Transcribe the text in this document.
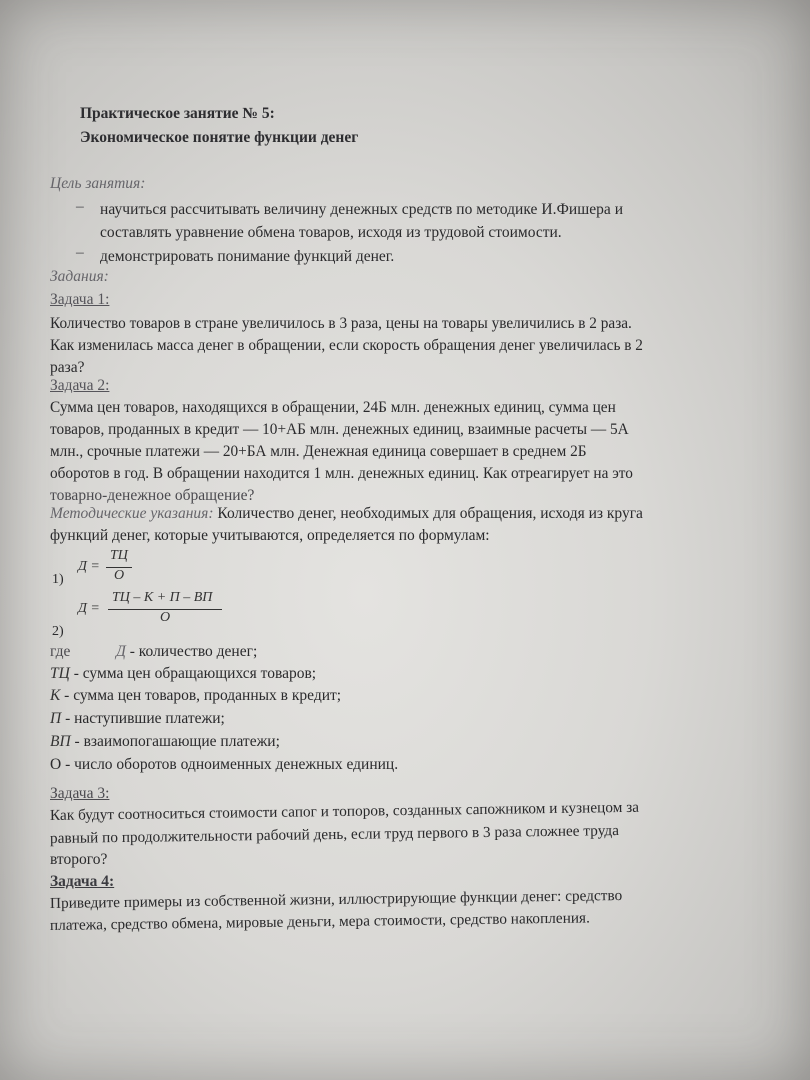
Практическое занятие № 5:
Экономическое понятие функции денег
Цель занятия:
– научиться рассчитывать величину денежных средств по методике И.Фишера и
составлять уравнение обмена товаров, исходя из трудовой стоимости.
– демонстрировать понимание функций денег.
Задания:
Задача 1:
Количество товаров в стране увеличилось в 3 раза, цены на товары увеличились в 2 раза.
Как изменилась масса денег в обращении, если скорость обращения денег увеличилась в 2
раза?
Задача 2:
Сумма цен товаров, находящихся в обращении, 24Б млн. денежных единиц, сумма цен
товаров, проданных в кредит — 10+АБ млн. денежных единиц, взаимные расчеты — 5А
млн., срочные платежи — 20+БА млн. Денежная единица совершает в среднем 2Б
оборотов в год. В обращении находится 1 млн. денежных единиц. Как отреагирует на это
товарно-денежное обращение?
Методические указания: Количество денег, необходимых для обращения, исходя из круга
функций денег, которые учитываются, определяется по формулам:
1)
Д =
ТЦ
О
2)
Д =
ТЦ – К + П – ВП
О
где	Д - количество денег;
ТЦ - сумма цен обращающихся товаров;
К - сумма цен товаров, проданных в кредит;
П - наступившие платежи;
ВП - взаимопогашающие платежи;
О - число оборотов одноименных денежных единиц.
Задача 3:
Как будут соотноситься стоимости сапог и топоров, созданных сапожником и кузнецом за
равный по продолжительности рабочий день, если труд первого в 3 раза сложнее труда
второго?
Задача 4:
Приведите примеры из собственной жизни, иллюстрирующие функции денег: средство
платежа, средство обмена, мировые деньги, мера стоимости, средство накопления.
